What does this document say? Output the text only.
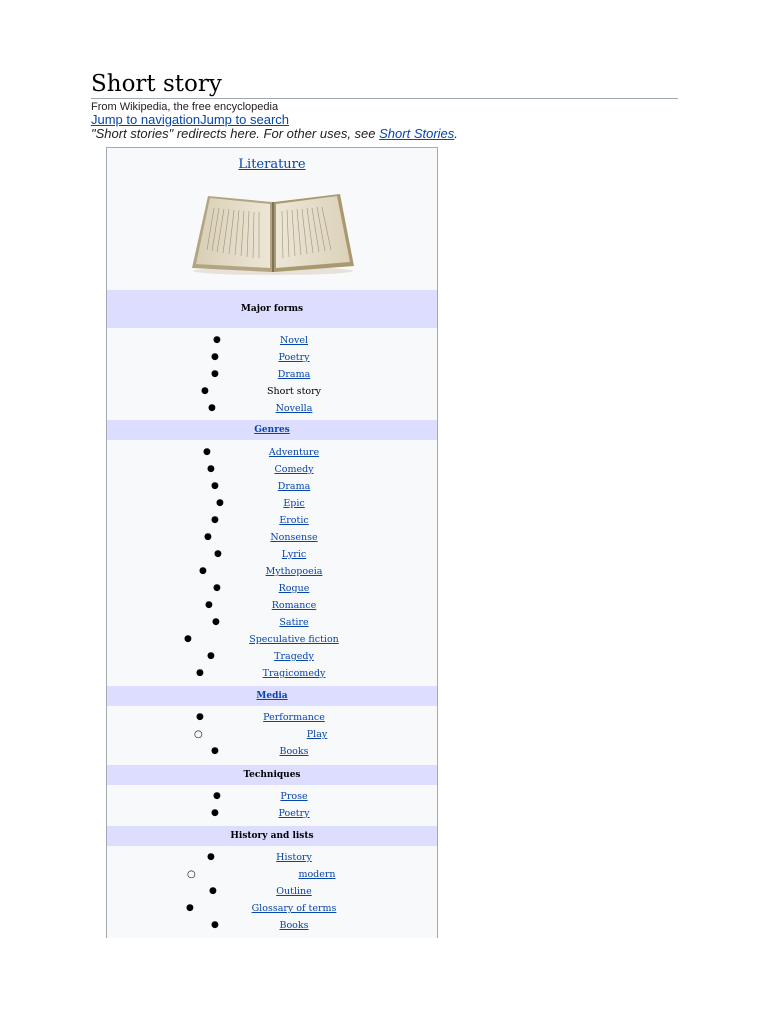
Short story
From Wikipedia, the free encyclopedia
Jump to navigationJump to search
"Short stories" redirects here. For other uses, see Short Stories.
Literature
Major forms
●	Novel
●	Poetry
●	Drama
●	Short story
●	Novella
Genres
●	Adventure
●	Comedy
●	Drama
●	Epic
●	Erotic
●	Nonsense
●	Lyric
●	Mythopoeia
●	Rogue
●	Romance
●	Satire
●	Speculative fiction
●	Tragedy
●	Tragicomedy
Media
●	Performance
○	Play
●	Books
Techniques
●	Prose
●	Poetry
History and lists
●	History
○	modern
●	Outline
●	Glossary of terms
●	Books
